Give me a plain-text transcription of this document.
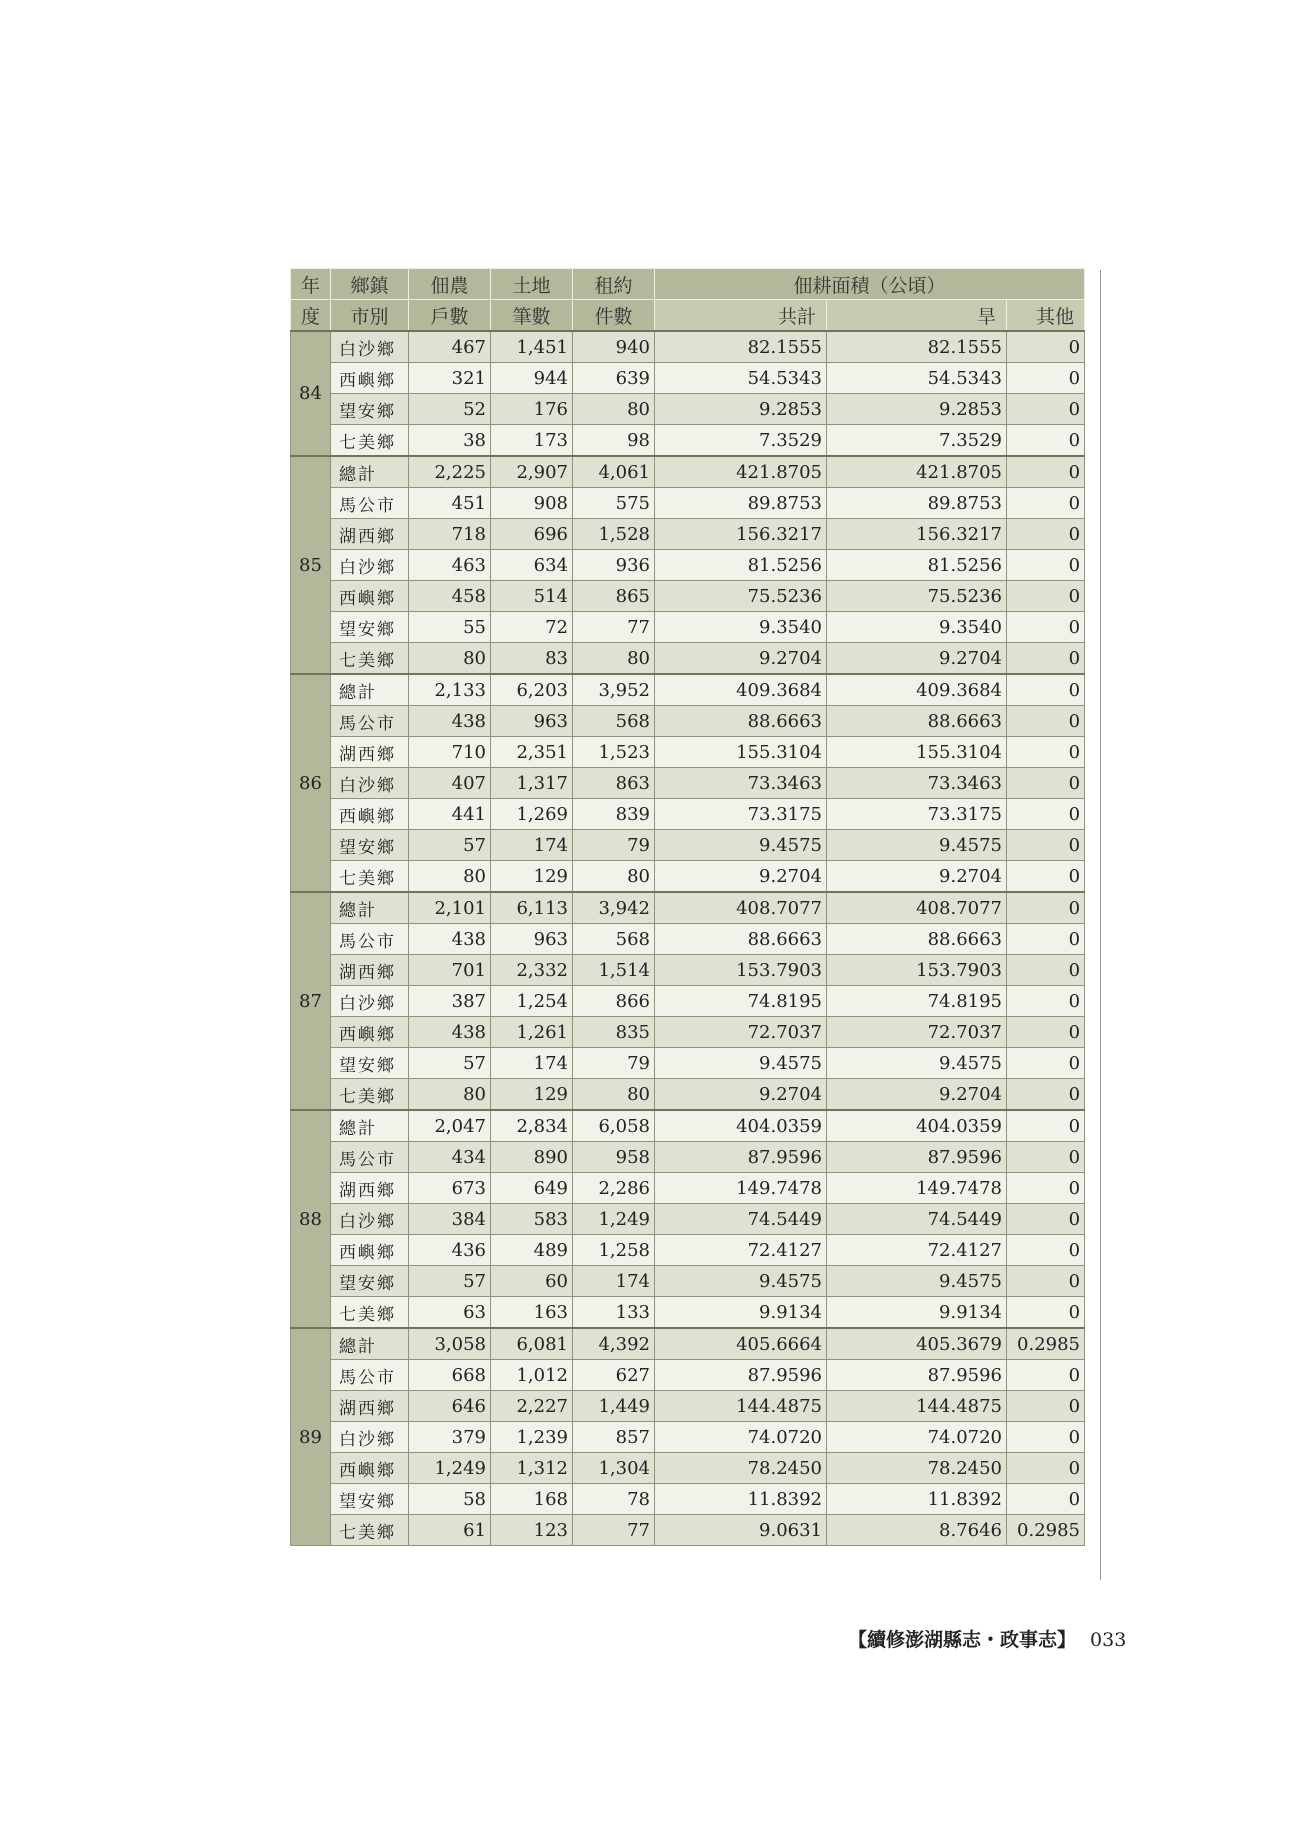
年	鄉鎮	佃農	土地	租約	佃耕面積（公頃）		
度	市別	戶數	筆數	件數	共計	旱	其他
84	白沙鄉	467	1,451	940	82.1555	82.1555	0
	西嶼鄉	321	944	639	54.5343	54.5343	0
	望安鄉	52	176	80	9.2853	9.2853	0
	七美鄉	38	173	98	7.3529	7.3529	0
85	總計	2,225	2,907	4,061	421.8705	421.8705	0
	馬公市	451	908	575	89.8753	89.8753	0
	湖西鄉	718	696	1,528	156.3217	156.3217	0
	白沙鄉	463	634	936	81.5256	81.5256	0
	西嶼鄉	458	514	865	75.5236	75.5236	0
	望安鄉	55	72	77	9.3540	9.3540	0
	七美鄉	80	83	80	9.2704	9.2704	0
86	總計	2,133	6,203	3,952	409.3684	409.3684	0
	馬公市	438	963	568	88.6663	88.6663	0
	湖西鄉	710	2,351	1,523	155.3104	155.3104	0
	白沙鄉	407	1,317	863	73.3463	73.3463	0
	西嶼鄉	441	1,269	839	73.3175	73.3175	0
	望安鄉	57	174	79	9.4575	9.4575	0
	七美鄉	80	129	80	9.2704	9.2704	0
87	總計	2,101	6,113	3,942	408.7077	408.7077	0
	馬公市	438	963	568	88.6663	88.6663	0
	湖西鄉	701	2,332	1,514	153.7903	153.7903	0
	白沙鄉	387	1,254	866	74.8195	74.8195	0
	西嶼鄉	438	1,261	835	72.7037	72.7037	0
	望安鄉	57	174	79	9.4575	9.4575	0
	七美鄉	80	129	80	9.2704	9.2704	0
88	總計	2,047	2,834	6,058	404.0359	404.0359	0
	馬公市	434	890	958	87.9596	87.9596	0
	湖西鄉	673	649	2,286	149.7478	149.7478	0
	白沙鄉	384	583	1,249	74.5449	74.5449	0
	西嶼鄉	436	489	1,258	72.4127	72.4127	0
	望安鄉	57	60	174	9.4575	9.4575	0
	七美鄉	63	163	133	9.9134	9.9134	0
89	總計	3,058	6,081	4,392	405.6664	405.3679	0.2985
	馬公市	668	1,012	627	87.9596	87.9596	0
	湖西鄉	646	2,227	1,449	144.4875	144.4875	0
	白沙鄉	379	1,239	857	74.0720	74.0720	0
	西嶼鄉	1,249	1,312	1,304	78.2450	78.2450	0
	望安鄉	58	168	78	11.8392	11.8392	0
	七美鄉	61	123	77	9.0631	8.7646	0.2985
【續修澎湖縣志・政事志】 033
